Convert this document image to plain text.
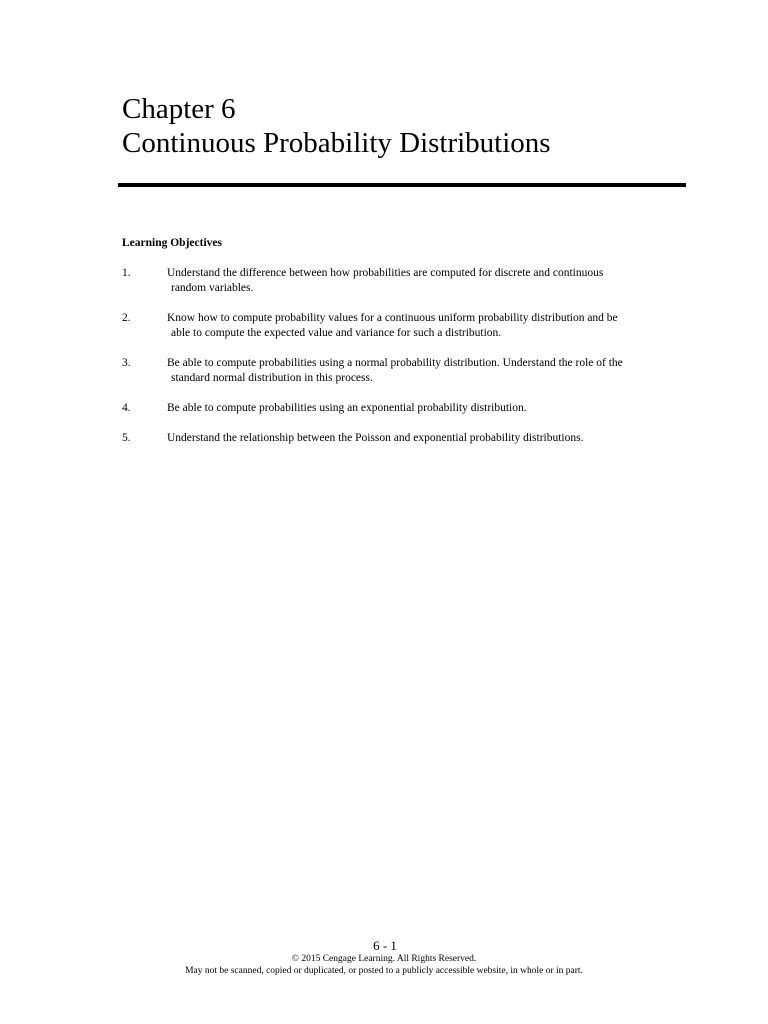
Chapter 6
Continuous Probability Distributions
Learning Objectives
1.	Understand the difference between how probabilities are computed for discrete and continuous
random variables.
2.	Know how to compute probability values for a continuous uniform probability distribution and be
able to compute the expected value and variance for such a distribution.
3.	Be able to compute probabilities using a normal probability distribution. Understand the role of the
standard normal distribution in this process.
4.	Be able to compute probabilities using an exponential probability distribution.
5.	Understand the relationship between the Poisson and exponential probability distributions.
6 - 1
© 2015 Cengage Learning. All Rights Reserved.
May not be scanned, copied or duplicated, or posted to a publicly accessible website, in whole or in part.
